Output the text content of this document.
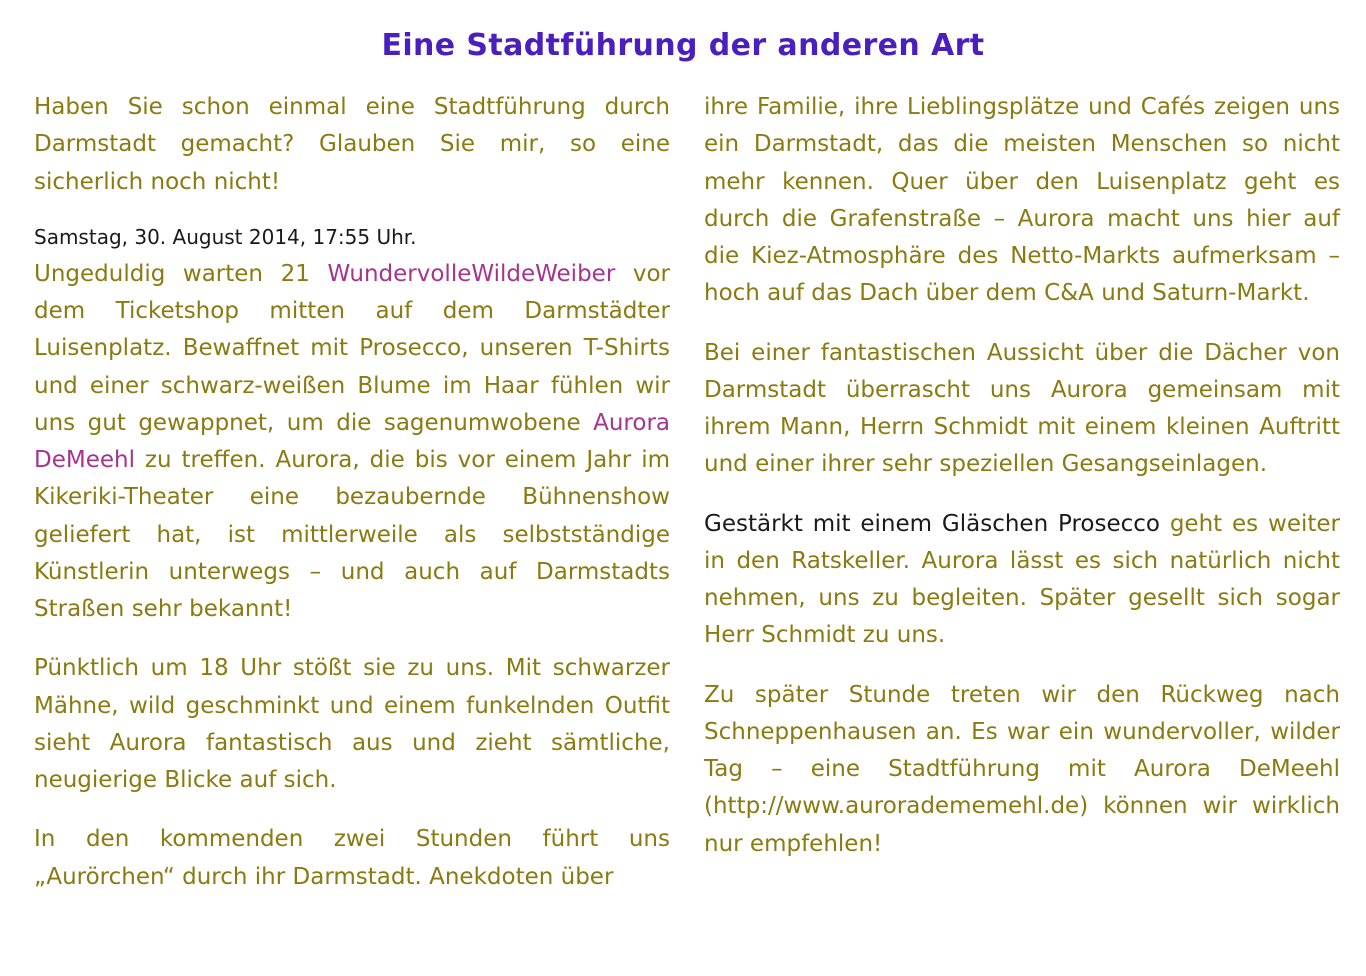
Eine Stadtführung der anderen Art

Haben Sie schon einmal eine Stadtführung durch Darmstadt gemacht? Glauben Sie mir, so eine sicherlich noch nicht!

Samstag, 30. August 2014, 17:55 Uhr.

Ungeduldig warten 21 WundervolleWildeWeiber vor dem Ticketshop mitten auf dem Darmstädter Luisenplatz. Bewaffnet mit Prosecco, unseren T-Shirts und einer schwarz-weißen Blume im Haar fühlen wir uns gut gewappnet, um die sagenumwobene Aurora DeMeehl zu treffen. Aurora, die bis vor einem Jahr im Kikeriki-Theater eine bezaubernde Bühnenshow geliefert hat, ist mittlerweile als selbstständige Künstlerin unterwegs – und auch auf Darmstadts Straßen sehr bekannt!

Pünktlich um 18 Uhr stößt sie zu uns. Mit schwarzer Mähne, wild geschminkt und einem funkelnden Outfit sieht Aurora fantastisch aus und zieht sämtliche, neugierige Blicke auf sich.

In den kommenden zwei Stunden führt uns „Aurörchen“ durch ihr Darmstadt. Anekdoten über

ihre Familie, ihre Lieblingsplätze und Cafés zeigen uns ein Darmstadt, das die meisten Menschen so nicht mehr kennen. Quer über den Luisenplatz geht es durch die Grafenstraße – Aurora macht uns hier auf die Kiez-Atmosphäre des Netto-Markts aufmerksam – hoch auf das Dach über dem C&A und Saturn-Markt.

Bei einer fantastischen Aussicht über die Dächer von Darmstadt überrascht uns Aurora gemeinsam mit ihrem Mann, Herrn Schmidt mit einem kleinen Auftritt und einer ihrer sehr speziellen Gesangseinlagen.

Gestärkt mit einem Gläschen Prosecco geht es weiter in den Ratskeller. Aurora lässt es sich natürlich nicht nehmen, uns zu begleiten. Später gesellt sich sogar Herr Schmidt zu uns.

Zu später Stunde treten wir den Rückweg nach Schneppenhausen an. Es war ein wundervoller, wilder Tag – eine Stadtführung mit Aurora DeMeehl (http://www.auroradememehl.de) können wir wirklich nur empfehlen!
